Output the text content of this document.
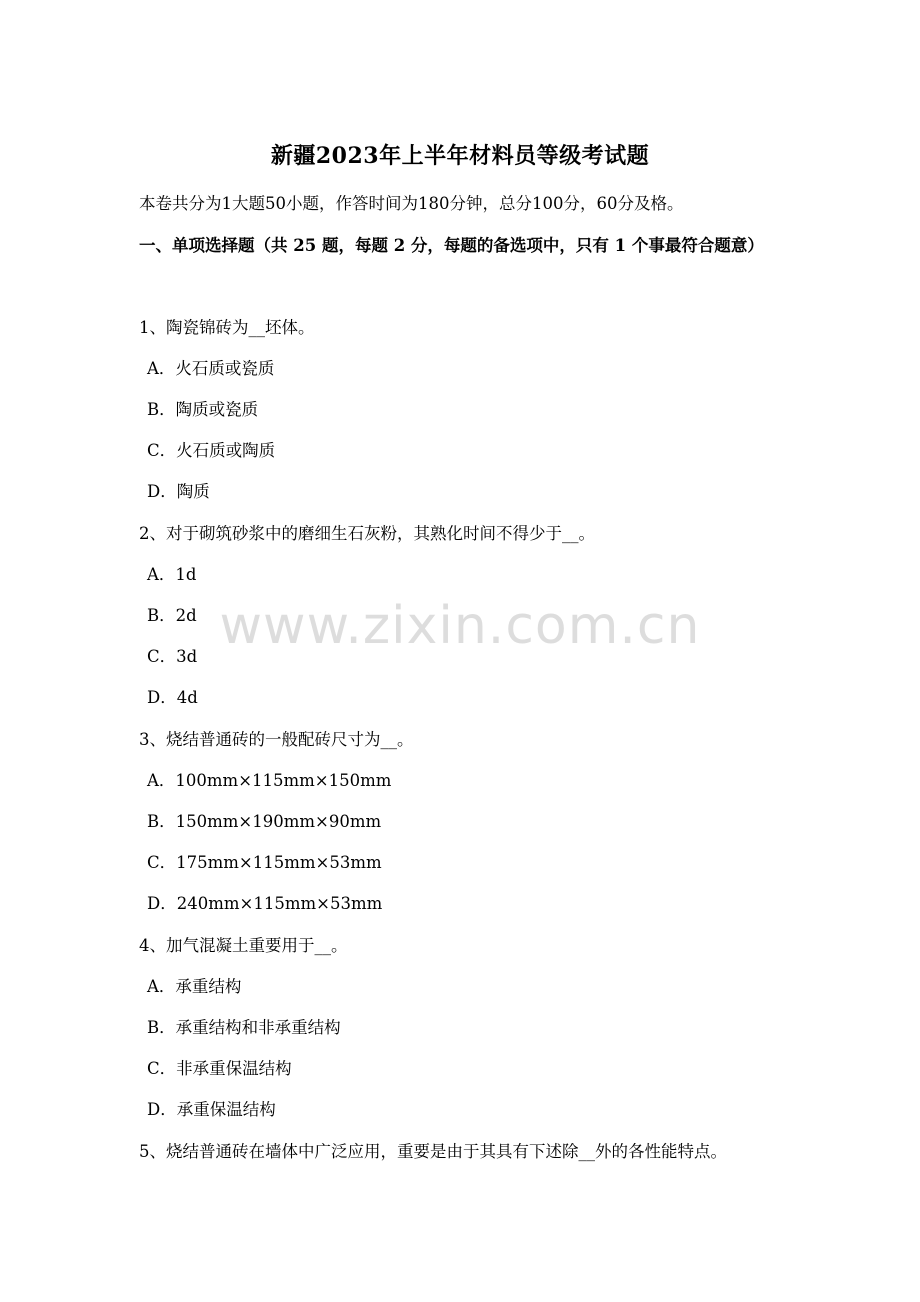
新疆2023年上半年材料员等级考试题
本卷共分为1大题50小题，作答时间为180分钟，总分100分，60分及格。
一、单项选择题（共 25 题，每题 2 分，每题的备选项中，只有 1 个事最符合题意）
1、陶瓷锦砖为__坯体。
A．火石质或瓷质
B．陶质或瓷质
C．火石质或陶质
D．陶质
2、对于砌筑砂浆中的磨细生石灰粉，其熟化时间不得少于__。
A．1d
B．2d
C．3d
D．4d
3、烧结普通砖的一般配砖尺寸为__。
A．100mm×115mm×150mm
B．150mm×190mm×90mm
C．175mm×115mm×53mm
D．240mm×115mm×53mm
4、加气混凝土重要用于__。
A．承重结构
B．承重结构和非承重结构
C．非承重保温结构
D．承重保温结构
5、烧结普通砖在墙体中广泛应用，重要是由于其具有下述除__外的各性能特点。
www.zixin.com.cn
